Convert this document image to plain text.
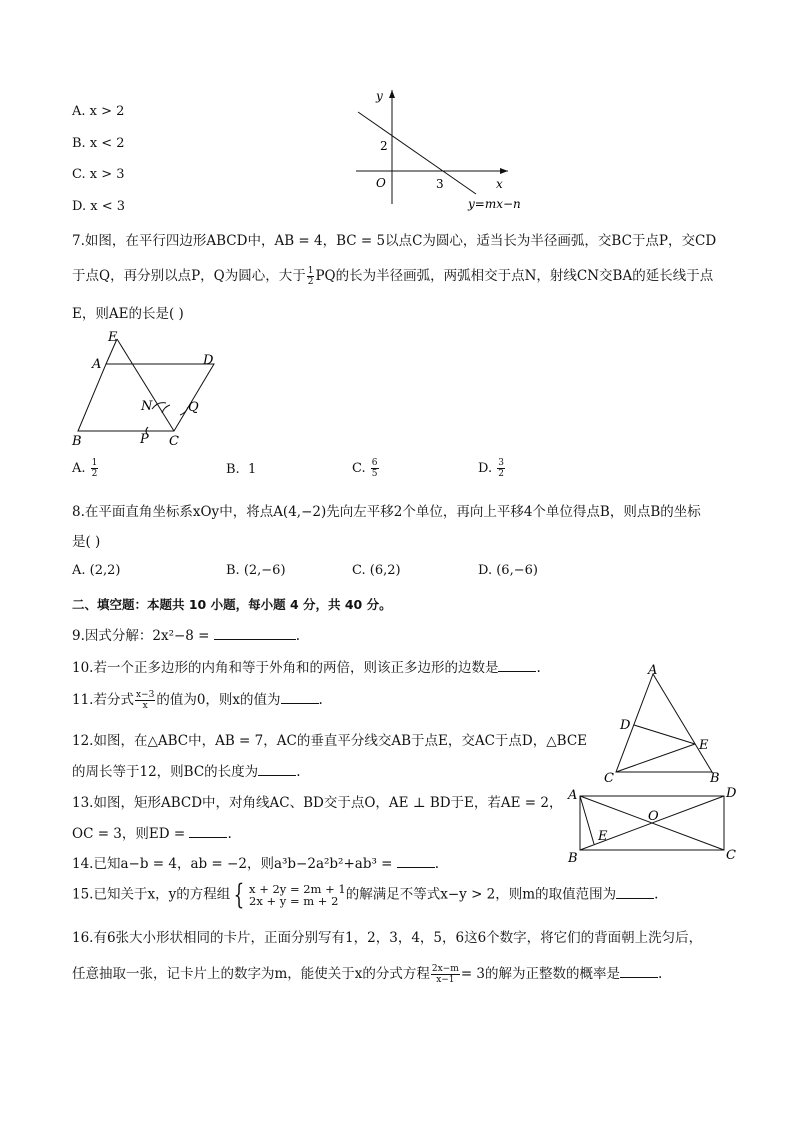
A. x > 2
B. x < 2
C. x > 3
D. x < 3
y
x
O
2
3
y=mx−n
7.如图，在平行四边形ABCD中，AB = 4，BC = 5以点C为圆心，适当长为半径画弧，交BC于点P，交CD
于点Q，再分别以点P，Q为圆心，大于 $\frac{1}{2}$ PQ的长为半径画弧，两弧相交于点N，射线CN交BA的延长线于点
E，则AE的长是( )
E
A	D
N	Q
B	P C
A. $\frac{1}{2}$	B. 1	C. $\frac{6}{5}$	D. $\frac{3}{2}$
8.在平面直角坐标系xOy中，将点A(4,−2)先向左平移2个单位，再向上平移4个单位得点B，则点B的坐标
是( )
A. (2,2)	B. (2,−6)	C. (6,2)	D. (6,−6)
二、填空题：本题共 10 小题，每小题 4 分，共 40 分。
9.因式分解：2x²−8 =	.
10.若一个正多边形的内角和等于外角和的两倍，则该正多边形的边数是	.
11.若分式 $\frac{x-3}{x}$ 的值为0，则x的值为	.
12.如图，在△ABC中，AB = 7，AC的垂直平分线交AB于点E，交AC于点D，△BCE
的周长等于12，则BC的长度为	.
A
D
E
C	B
13.如图，矩形ABCD中，对角线AC、BD交于点O，AE ⊥ BD于E，若AE = 2，
OC = 3，则ED =	.
A	D
O
E
B	C
14.已知a−b = 4，ab = −2，则a³b−2a²b²+ab³ =	.
15.已知关于x，y的方程组 { x + 2y = 2m + 1
2x + y = m + 2 的解满足不等式x−y > 2，则m的取值范围为	.
16.有6张大小形状相同的卡片，正面分别写有1，2，3，4，5，6这6个数字，将它们的背面朝上洗匀后，
任意抽取一张，记卡片上的数字为m，能使关于x的分式方程 $\frac{2x-m}{x-1} = 3$的解为正整数的概率是	.
